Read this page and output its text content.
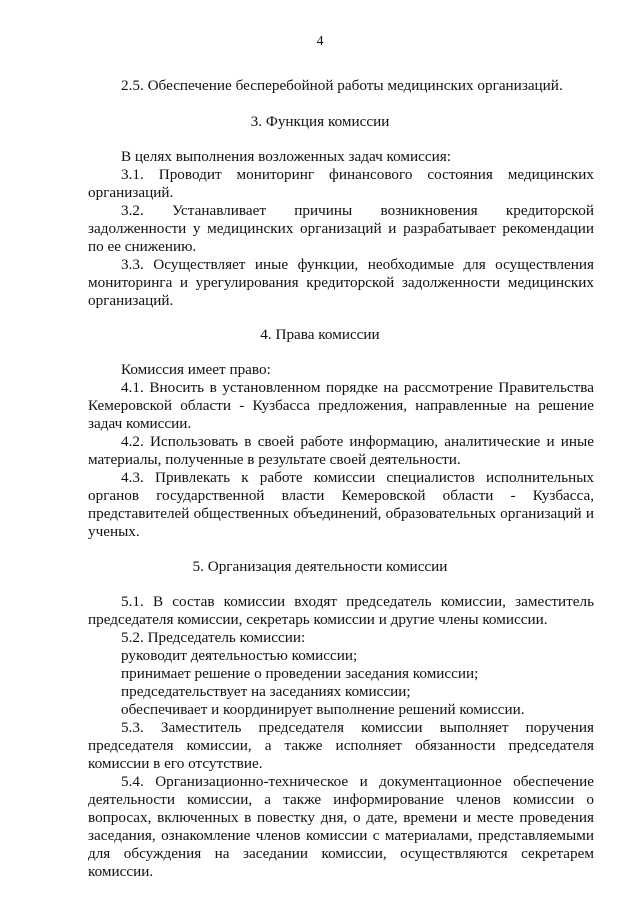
4
2.5. Обеспечение бесперебойной работы медицинских организаций.
3. Функция комиссии
В целях выполнения возложенных задач комиссия:
3.1. Проводит мониторинг финансового состояния медицинских
организаций.
3.2. Устанавливает причины возникновения кредиторской
задолженности у медицинских организаций и разрабатывает рекомендации
по ее снижению.
3.3. Осуществляет иные функции, необходимые для осуществления
мониторинга и урегулирования кредиторской задолженности медицинских
организаций.
4. Права комиссии
Комиссия имеет право:
4.1. Вносить в установленном порядке на рассмотрение Правительства
Кемеровской области - Кузбасса предложения, направленные на решение
задач комиссии.
4.2. Использовать в своей работе информацию, аналитические и иные
материалы, полученные в результате своей деятельности.
4.3. Привлекать к работе комиссии специалистов исполнительных
органов государственной власти Кемеровской области - Кузбасса,
представителей общественных объединений, образовательных организаций и
ученых.
5. Организация деятельности комиссии
5.1. В состав комиссии входят председатель комиссии, заместитель
председателя комиссии, секретарь комиссии и другие члены комиссии.
5.2. Председатель комиссии:
руководит деятельностью комиссии;
принимает решение о проведении заседания комиссии;
председательствует на заседаниях комиссии;
обеспечивает и координирует выполнение решений комиссии.
5.3. Заместитель председателя комиссии выполняет поручения
председателя комиссии, а также исполняет обязанности председателя
комиссии в его отсутствие.
5.4. Организационно-техническое и документационное обеспечение
деятельности комиссии, а также информирование членов комиссии о
вопросах, включенных в повестку дня, о дате, времени и месте проведения
заседания, ознакомление членов комиссии с материалами, представляемыми
для обсуждения на заседании комиссии, осуществляются секретарем
комиссии.
